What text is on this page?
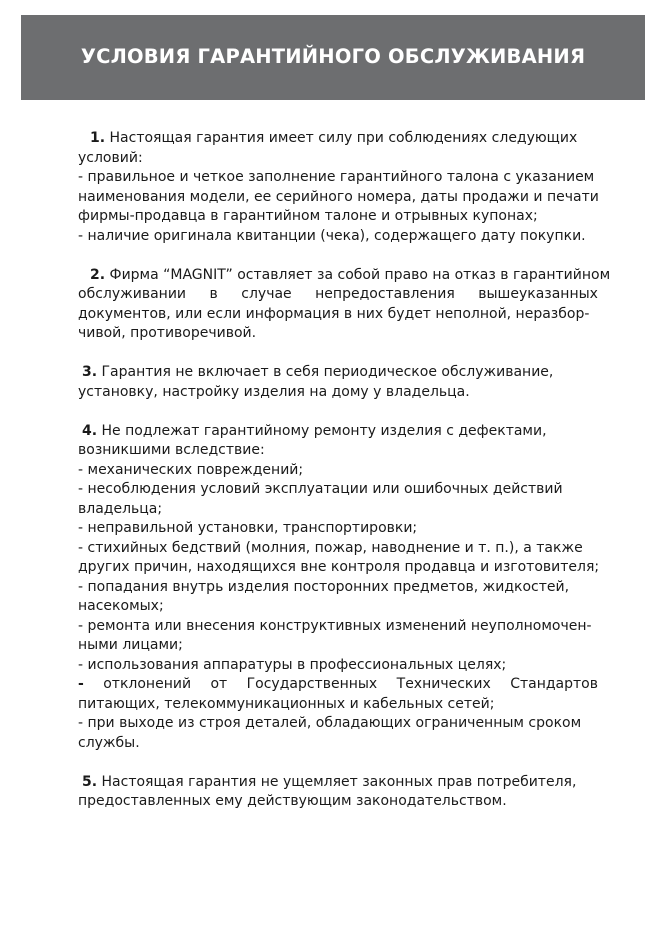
УСЛОВИЯ ГАРАНТИЙНОГО ОБСЛУЖИВАНИЯ
1. Настоящая гарантия имеет силу при соблюдениях следующих
условий:
- правильное и четкое заполнение гарантийного талона с указанием
наименования модели, ее серийного номера, даты продажи и печати
фирмы-продавца в гарантийном талоне и отрывных купонах;
- наличие оригинала квитанции (чека), содержащего дату покупки.
2. Фирма “MAGNIT” оставляет за собой право на отказ в гарантийном
обслуживании в случае непредоставления вышеуказанных
документов, или если информация в них будет неполной, неразбор-
чивой, противоречивой.
3. Гарантия не включает в себя периодическое обслуживание,
установку, настройку изделия на дому у владельца.
4. Не подлежат гарантийному ремонту изделия с дефектами,
возникшими вследствие:
- механических повреждений;
- несоблюдения условий эксплуатации или ошибочных действий
владельца;
- неправильной установки, транспортировки;
- стихийных бедствий (молния, пожар, наводнение и т. п.), а также
других причин, находящихся вне контроля продавца и изготовителя;
- попадания внутрь изделия посторонних предметов, жидкостей,
насекомых;
- ремонта или внесения конструктивных изменений неуполномочен-
ными лицами;
- использования аппаратуры в профессиональных целях;
- отклонений от Государственных Технических Стандартов
питающих, телекоммуникационных и кабельных сетей;
- при выходе из строя деталей, обладающих ограниченным сроком
службы.
5. Настоящая гарантия не ущемляет законных прав потребителя,
предоставленных ему действующим законодательством.
